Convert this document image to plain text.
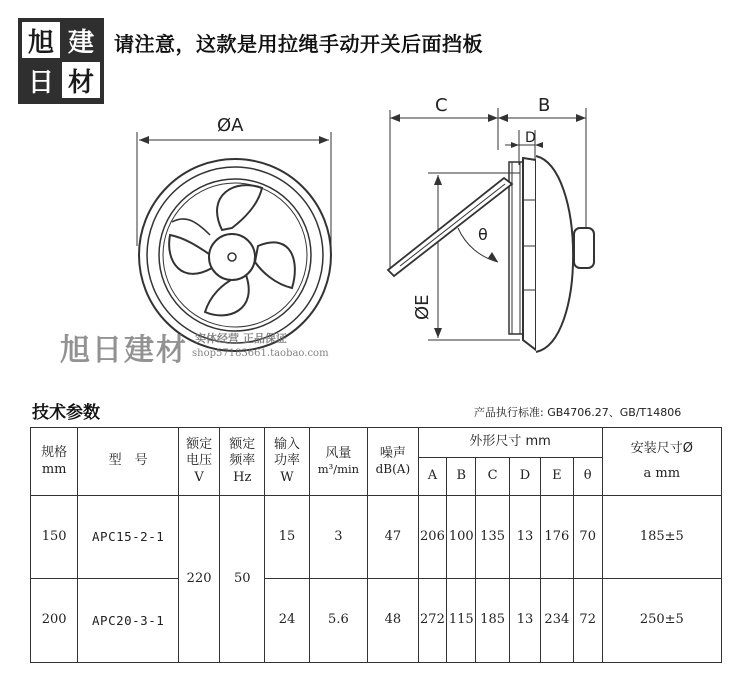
旭 建
日 材
请注意，这款是用拉绳手动开关后面挡板
ØA
C	B
D
ØE
θ
旭日建材 实体经营 正品保证
shop57183661.taobao.com
技术参数	产品执行标准: GB4706.27、GB/T14806
规格
mm	型　号	额定
电压
V	额定
频率
Hz	输入
功率
W	风量
m³/min	噪声
dB(A)	外形尺寸 mm						安装尺寸Ø
a mm

							A	B	C	D	E	θ	
150	APC15-2-1	220	50	15	3	47	206	100	135	13	176	70	185±5
200	APC20-3-1			24	5.6	48	272	115	185	13	234	72	250±5
